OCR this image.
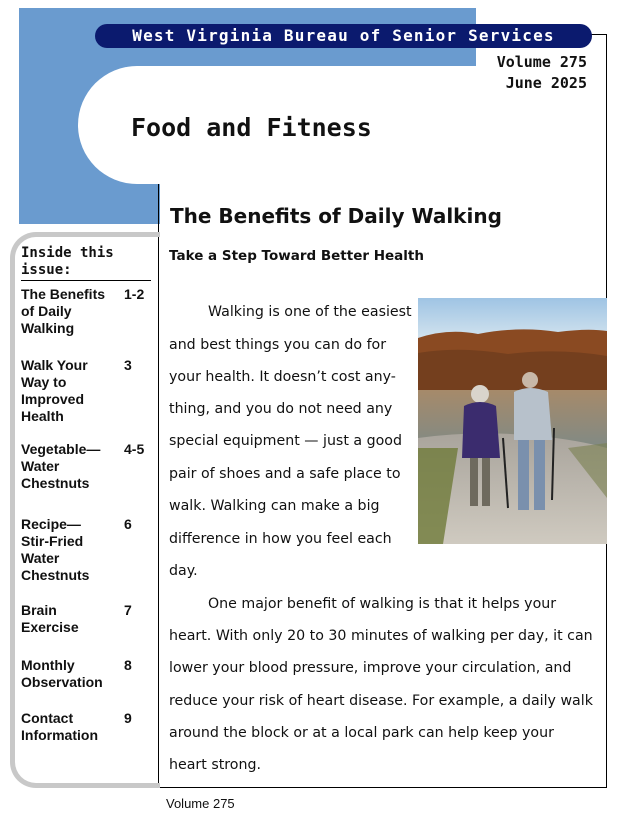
West Virginia Bureau of Senior Services
Volume 275
June 2025
Food and Fitness
Inside this
issue:
The Benefits
of Daily
Walking
1-2
Walk Your
Way to
Improved
Health
3
Vegetable—
Water
Chestnuts
4-5
Recipe—
Stir-Fried
Water
Chestnuts
6
Brain
Exercise
7
Monthly
Observation
8
Contact
Information
9
The Benefits of Daily Walking
Take a Step Toward Better Health
Walking is one of the easiest
and best things you can do for
your health. It doesn’t cost any-
thing, and you do not need any
special equipment — just a good
pair of shoes and a safe place to
walk. Walking can make a big
difference in how you feel each
day.
One major benefit of walking is that it helps your
heart. With only 20 to 30 minutes of walking per day, it can
lower your blood pressure, improve your circulation, and
reduce your risk of heart disease. For example, a daily walk
around the block or at a local park can help keep your
heart strong.
Volume 275
